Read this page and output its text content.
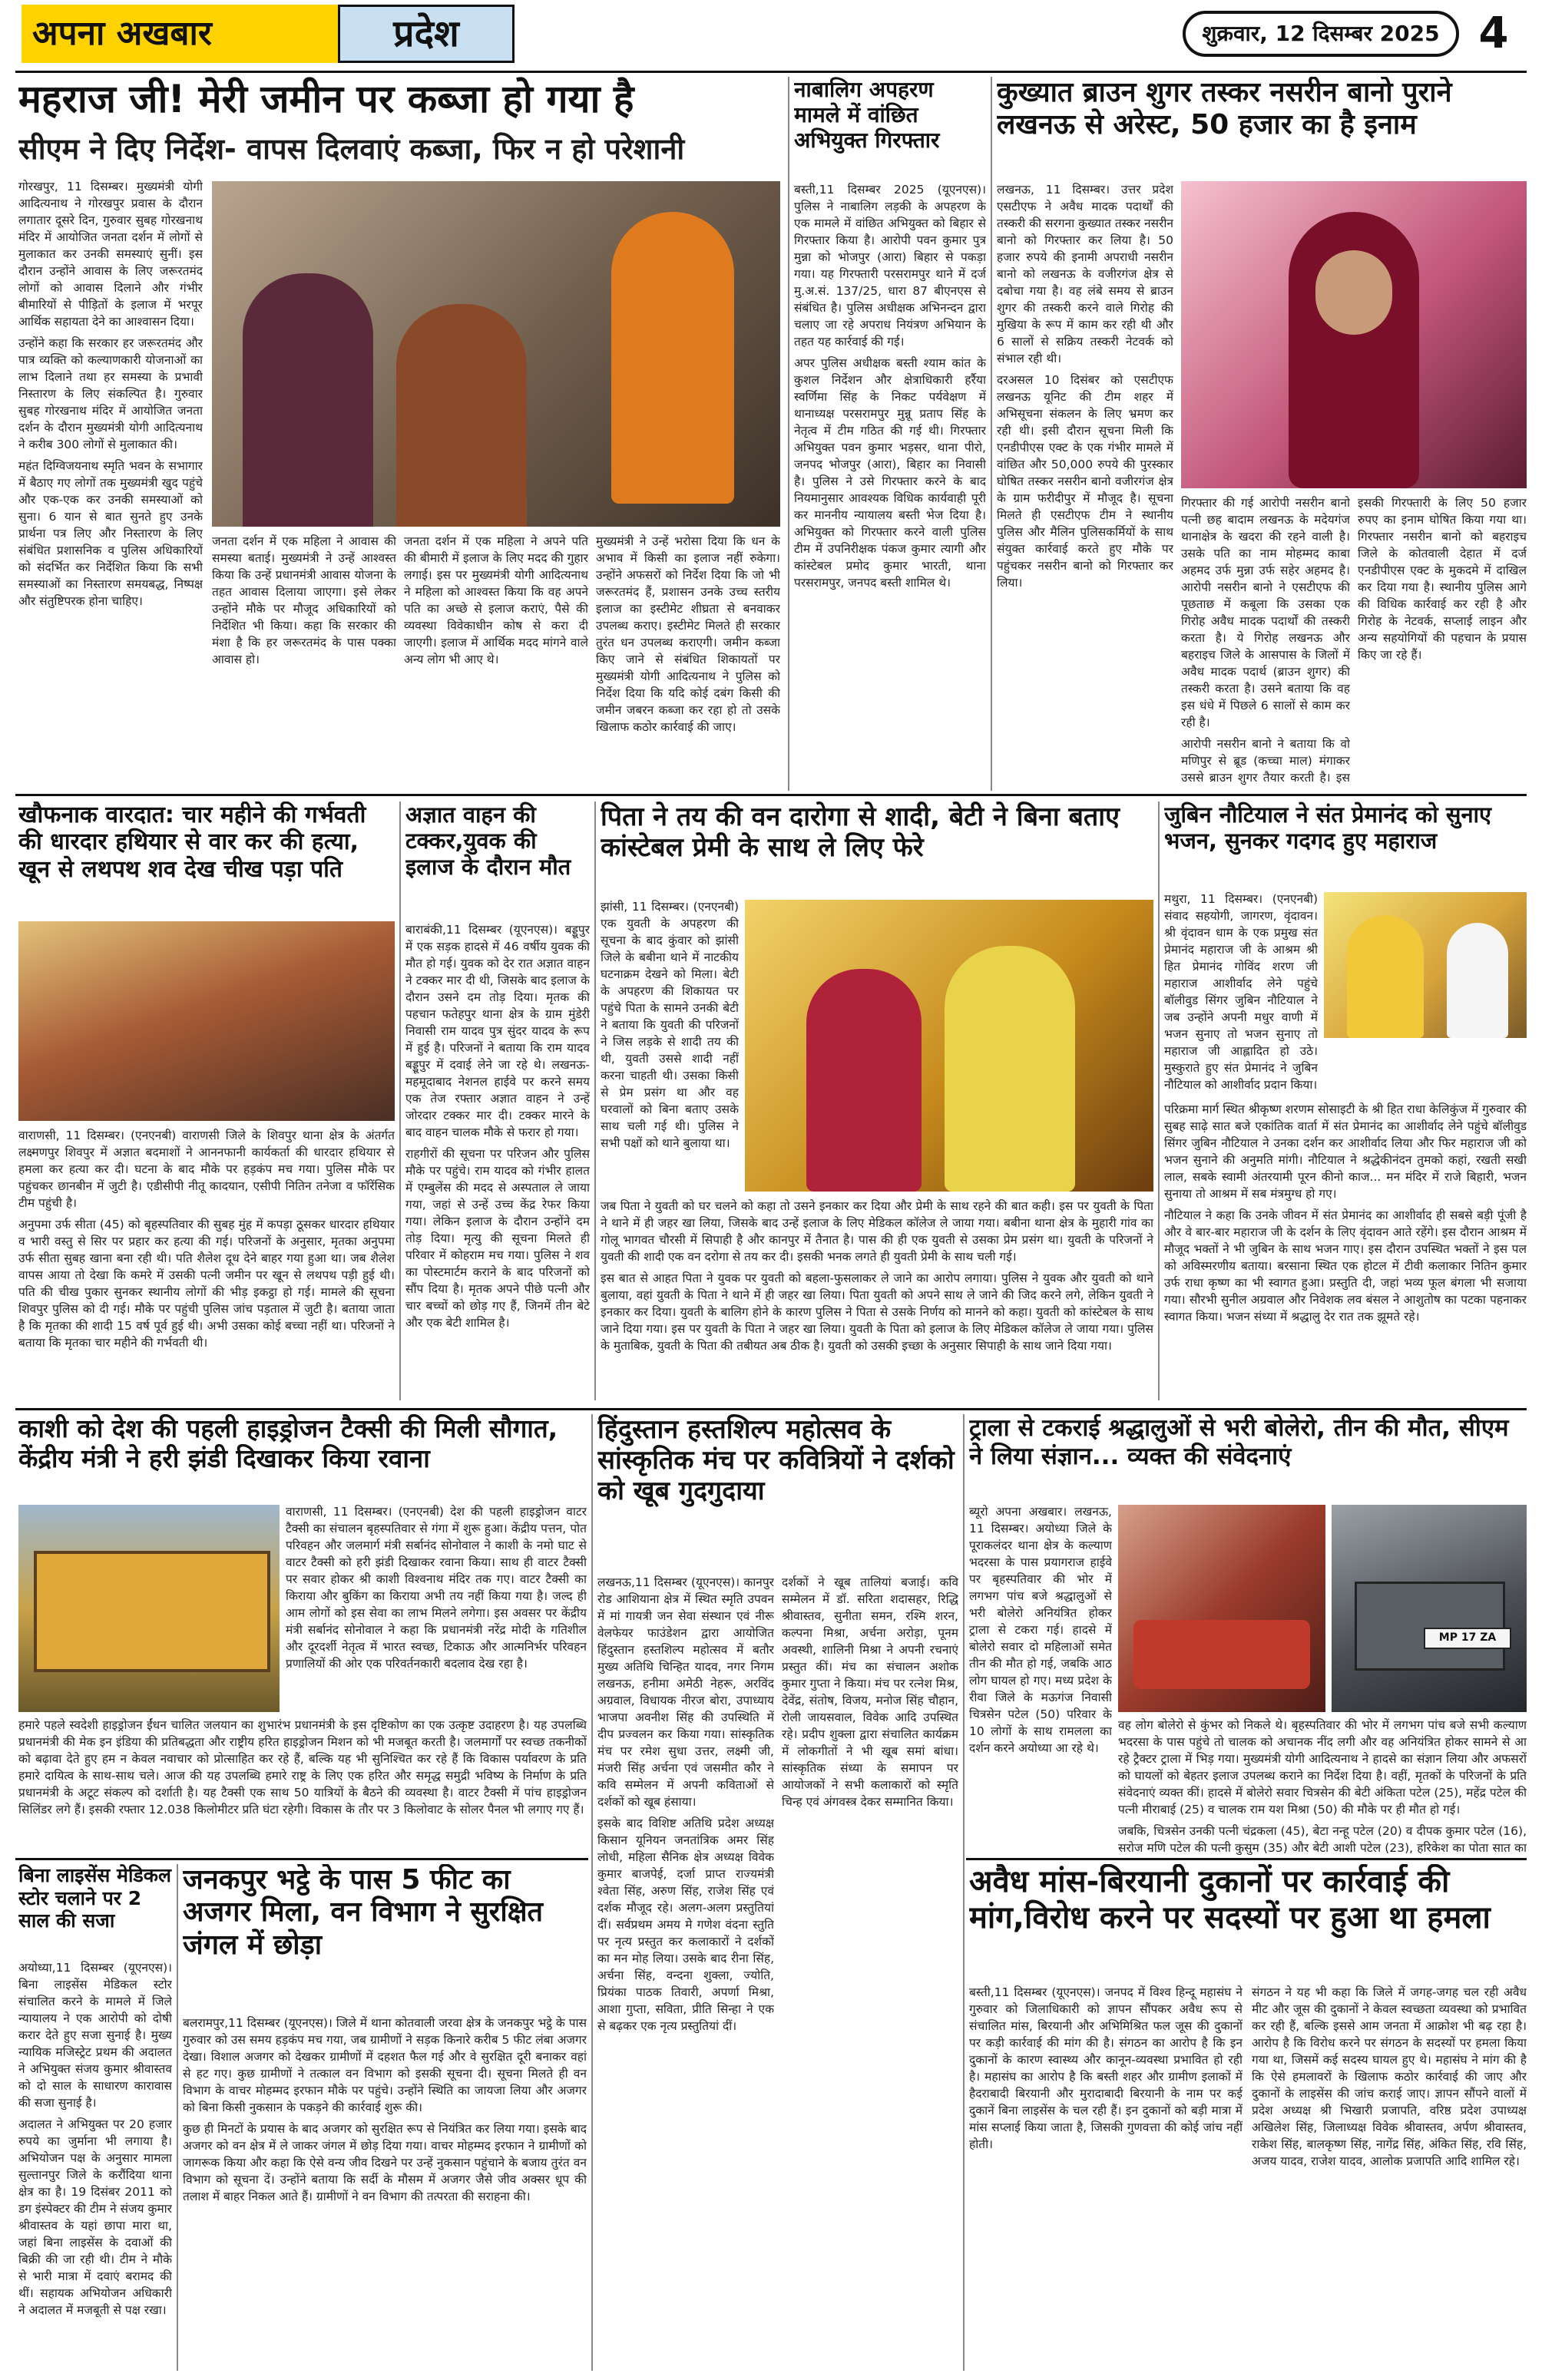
अपना अखबार	प्रदेश	शुक्रवार, 12 दिसम्बर 2025 4
महराज जी! मेरी जमीन पर कब्जा हो गया है
सीएम ने दिए निर्देश- वापस दिलवाएं कब्जा, फिर न हो परेशानी

गोरखपुर, 11 दिसम्बर। मुख्यमंत्री योगी आदित्यनाथ ने गोरखपुर प्रवास के दौरान लगातार दूसरे दिन, गुरुवार सुबह गोरखनाथ मंदिर में आयोजित जनता दर्शन में लोगों से मुलाकात कर उनकी समस्याएं सुनीं। इस दौरान उन्होंने आवास के लिए जरूरतमंद लोगों को आवास दिलाने और गंभीर बीमारियों से पीड़ितों के इलाज में भरपूर आर्थिक सहायता देने का आश्वासन दिया।

उन्होंने कहा कि सरकार हर जरूरतमंद और पात्र व्यक्ति को कल्याणकारी योजनाओं का लाभ दिलाने तथा हर समस्या के प्रभावी निस्तारण के लिए संकल्पित है। गुरुवार सुबह गोरखनाथ मंदिर में आयोजित जनता दर्शन के दौरान मुख्यमंत्री योगी आदित्यनाथ ने करीब 300 लोगों से मुलाकात की।

महंत दिग्विजयनाथ स्मृति भवन के सभागार में बैठाए गए लोगों तक मुख्यमंत्री खुद पहुंचे और एक-एक कर उनकी समस्याओं को सुना। 6 यान से बात सुनते हुए उनके प्रार्थना पत्र लिए और निस्तारण के लिए संबंधित प्रशासनिक व पुलिस अधिकारियों को संदर्भित कर निर्देशित किया कि सभी समस्याओं का निस्तारण समयबद्ध, निष्पक्ष और संतुष्टिपरक होना चाहिए।

जनता दर्शन में एक महिला ने आवास की समस्या बताई। मुख्यमंत्री ने उन्हें आश्वस्त किया कि उन्हें प्रधानमंत्री आवास योजना के तहत आवास दिलाया जाएगा। इसे लेकर उन्होंने मौके पर मौजूद अधिकारियों को निर्देशित भी किया। कहा कि सरकार की मंशा है कि हर जरूरतमंद के पास पक्का आवास हो।

जनता दर्शन में एक महिला ने अपने पति की बीमारी में इलाज के लिए मदद की गुहार लगाई। इस पर मुख्यमंत्री योगी आदित्यनाथ ने महिला को आश्वस्त किया कि वह अपने पति का अच्छे से इलाज कराएं, पैसे की व्यवस्था विवेकाधीन कोष से करा दी जाएगी। इलाज में आर्थिक मदद मांगने वाले अन्य लोग भी आए थे।

मुख्यमंत्री ने उन्हें भरोसा दिया कि धन के अभाव में किसी का इलाज नहीं रुकेगा। उन्होंने अफसरों को निर्देश दिया कि जो भी जरूरतमंद हैं, प्रशासन उनके उच्च स्तरीय इलाज का इस्टीमेट शीघ्रता से बनवाकर उपलब्ध कराए। इस्टीमेट मिलते ही सरकार तुरंत धन उपलब्ध कराएगी। जमीन कब्जा किए जाने से संबंधित शिकायतों पर मुख्यमंत्री योगी आदित्यनाथ ने पुलिस को निर्देश दिया कि यदि कोई दबंग किसी की जमीन जबरन कब्जा कर रहा हो तो उसके खिलाफ कठोर कार्रवाई की जाए।

नाबालिग अपहरण मामले में वांछित अभियुक्त गिरफ्तार

बस्ती,11 दिसम्बर 2025 (यूएनएस)। पुलिस ने नाबालिग लड़की के अपहरण के एक मामले में वांछित अभियुक्त को बिहार से गिरफ्तार किया है। आरोपी पवन कुमार पुत्र मुन्ना को भोजपुर (आरा) बिहार से पकड़ा गया। यह गिरफ्तारी परसरामपुर थाने में दर्ज मु.अ.सं. 137/25, धारा 87 बीएनएस से संबंधित है। पुलिस अधीक्षक अभिनन्दन द्वारा चलाए जा रहे अपराध नियंत्रण अभियान के तहत यह कार्रवाई की गई।

अपर पुलिस अधीक्षक बस्ती श्याम कांत के कुशल निर्देशन और क्षेत्राधिकारी हर्रैया स्वर्णिमा सिंह के निकट पर्यवेक्षण में थानाध्यक्ष परसरामपुर मुन्नू प्रताप सिंह के नेतृत्व में टीम गठित की गई थी। गिरफ्तार अभियुक्त पवन कुमार भड़सर, थाना पीरो, जनपद भोजपुर (आरा), बिहार का निवासी है। पुलिस ने उसे गिरफ्तार करने के बाद नियमानुसार आवश्यक विधिक कार्यवाही पूरी कर माननीय न्यायालय बस्ती भेज दिया है। अभियुक्त को गिरफ्तार करने वाली पुलिस टीम में उपनिरीक्षक पंकज कुमार त्यागी और कांस्टेबल प्रमोद कुमार भारती, थाना परसरामपुर, जनपद बस्ती शामिल थे।

कुख्यात ब्राउन शुगर तस्कर नसरीन बानो पुराने लखनऊ से अरेस्ट, 50 हजार का है इनाम

लखनऊ, 11 दिसम्बर। उत्तर प्रदेश एसटीएफ ने अवैध मादक पदार्थों की तस्करी की सरगना कुख्यात तस्कर नसरीन बानो को गिरफ्तार कर लिया है। 50 हजार रुपये की इनामी अपराधी नसरीन बानो को लखनऊ के वजीरगंज क्षेत्र से दबोचा गया है। वह लंबे समय से ब्राउन शुगर की तस्करी करने वाले गिरोह की मुखिया के रूप में काम कर रही थी और 6 सालों से सक्रिय तस्करी नेटवर्क को संभाल रही थी।

दरअसल 10 दिसंबर को एसटीएफ लखनऊ यूनिट की टीम शहर में अभिसूचना संकलन के लिए भ्रमण कर रही थी। इसी दौरान सूचना मिली कि एनडीपीएस एक्ट के एक गंभीर मामले में वांछित और 50,000 रुपये की पुरस्कार घोषित तस्कर नसरीन बानो वजीरगंज क्षेत्र के ग्राम फरीदीपुर में मौजूद है। सूचना मिलते ही एसटीएफ टीम ने स्थानीय पुलिस और मैलिन पुलिसकर्मियों के साथ संयुक्त कार्रवाई करते हुए मौके पर पहुंचकर नसरीन बानो को गिरफ्तार कर लिया।

गिरफ्तार की गई आरोपी नसरीन बानो पत्नी छह बादाम लखनऊ के मदेयगंज थानाक्षेत्र के खदरा की रहने वाली है। उसके पति का नाम मोहम्मद काबा अहमद उर्फ मुन्ना उर्फ सहेर अहमद है। आरोपी नसरीन बानो ने एसटीएफ की पूछताछ में कबूला कि उसका एक गिरोह अवैध मादक पदार्थों की तस्करी करता है। ये गिरोह लखनऊ और बहराइच जिले के आसपास के जिलों में अवैध मादक पदार्थ (ब्राउन शुगर) की तस्करी करता है। उसने बताया कि वह इस धंधे में पिछले 6 सालों से काम कर रही है।

आरोपी नसरीन बानो ने बताया कि वो मणिपुर से ब्रूड (कच्चा माल) मंगाकर उससे ब्राउन शुगर तैयार करती है। इस

इसकी गिरफ्तारी के लिए 50 हजार रुपए का इनाम घोषित किया गया था। गिरफ्तार नसरीन बानो को बहराइच जिले के कोतवाली देहात में दर्ज एनडीपीएस एक्ट के मुकदमे में दाखिल कर दिया गया है। स्थानीय पुलिस आगे की विधिक कार्रवाई कर रही है और गिरोह के नेटवर्क, सप्लाई लाइन और अन्य सहयोगियों की पहचान के प्रयास किए जा रहे हैं।

खौफनाक वारदात: चार महीने की गर्भवती की धारदार हथियार से वार कर की हत्या, खून से लथपथ शव देख चीख पड़ा पति

वाराणसी, 11 दिसम्बर। (एनएनबी) वाराणसी जिले के शिवपुर थाना क्षेत्र के अंतर्गत लक्ष्मणपुर शिवपुर में अज्ञात बदमाशों ने आननफानी कार्यकर्ता की धारदार हथियार से हमला कर हत्या कर दी। घटना के बाद मौके पर हड़कंप मच गया। पुलिस मौके पर पहुंचकर छानबीन में जुटी है। एडीसीपी नीतू कादयान, एसीपी नितिन तनेजा व फॉरेंसिक टीम पहुंची है।

अनुपमा उर्फ सीता (45) को बृहस्पतिवार की सुबह मुंह में कपड़ा ठूसकर धारदार हथियार व भारी वस्तु से सिर पर प्रहार कर हत्या की गई। परिजनों के अनुसार, मृतका अनुपमा उर्फ सीता सुबह खाना बना रही थी। पति शैलेश दूध देने बाहर गया हुआ था। जब शैलेश वापस आया तो देखा कि कमरे में उसकी पत्नी जमीन पर खून से लथपथ पड़ी हुई थी। पति की चीख पुकार सुनकर स्थानीय लोगों की भीड़ इकट्ठा हो गई। मामले की सूचना शिवपुर पुलिस को दी गई। मौके पर पहुंची पुलिस जांच पड़ताल में जुटी है। बताया जाता है कि मृतका की शादी 15 वर्ष पूर्व हुई थी। अभी उसका कोई बच्चा नहीं था। परिजनों ने बताया कि मृतका चार महीने की गर्भवती थी।

अज्ञात वाहन की टक्कर,युवक की इलाज के दौरान मौत

बाराबंकी,11 दिसम्बर (यूएनएस)। बड्डूपुर में एक सड़क हादसे में 46 वर्षीय युवक की मौत हो गई। युवक को देर रात अज्ञात वाहन ने टक्कर मार दी थी, जिसके बाद इलाज के दौरान उसने दम तोड़ दिया। मृतक की पहचान फतेहपुर थाना क्षेत्र के ग्राम मुंडेरी निवासी राम यादव पुत्र सुंदर यादव के रूप में हुई है। परिजनों ने बताया कि राम यादव बड्डूपुर में दवाई लेने जा रहे थे। लखनऊ-महमूदाबाद नेशनल हाईवे पर करने समय एक तेज रफ्तार अज्ञात वाहन ने उन्हें जोरदार टक्कर मार दी। टक्कर मारने के बाद वाहन चालक मौके से फरार हो गया।

राहगीरों की सूचना पर परिजन और पुलिस मौके पर पहुंचे। राम यादव को गंभीर हालत में एम्बुलेंस की मदद से अस्पताल ले जाया गया, जहां से उन्हें उच्च केंद्र रेफर किया गया। लेकिन इलाज के दौरान उन्होंने दम तोड़ दिया। मृत्यु की सूचना मिलते ही परिवार में कोहराम मच गया। पुलिस ने शव का पोस्टमार्टम कराने के बाद परिजनों को सौंप दिया है। मृतक अपने पीछे पत्नी और चार बच्चों को छोड़ गए हैं, जिनमें तीन बेटे और एक बेटी शामिल है।

पिता ने तय की वन दारोगा से शादी, बेटी ने बिना बताए कांस्टेबल प्रेमी के साथ ले लिए फेरे

झांसी, 11 दिसम्बर। (एनएनबी) एक युवती के अपहरण की सूचना के बाद कुंवार को झांसी जिले के बबीना थाने में नाटकीय घटनाक्रम देखने को मिला। बेटी के अपहरण की शिकायत पर पहुंचे पिता के सामने उनकी बेटी ने बताया कि युवती की परिजनों ने जिस लड़के से शादी तय की थी, युवती उससे शादी नहीं करना चाहती थी। उसका किसी से प्रेम प्रसंग था और वह घरवालों को बिना बताए उसके साथ चली गई थी। पुलिस ने सभी पक्षों को थाने बुलाया था।

जब पिता ने युवती को घर चलने को कहा तो उसने इनकार कर दिया और प्रेमी के साथ रहने की बात कही। इस पर युवती के पिता ने थाने में ही जहर खा लिया, जिसके बाद उन्हें इलाज के लिए मेडिकल कॉलेज ले जाया गया। बबीना थाना क्षेत्र के मुहारी गांव का गोलू भागवत चौरसी में सिपाही है और कानपुर में तैनात है। पास की ही एक युवती से उसका प्रेम प्रसंग था। युवती के परिजनों ने युवती की शादी एक वन दरोगा से तय कर दी। इसकी भनक लगते ही युवती प्रेमी के साथ चली गई।

इस बात से आहत पिता ने युवक पर युवती को बहला-फुसलाकर ले जाने का आरोप लगाया। पुलिस ने युवक और युवती को थाने बुलाया, वहां युवती के पिता ने थाने में ही जहर खा लिया। पिता युवती को अपने साथ ले जाने की जिद करने लगे, लेकिन युवती ने इनकार कर दिया। युवती के बालिग होने के कारण पुलिस ने पिता से उसके निर्णय को मानने को कहा। युवती को कांस्टेबल के साथ जाने दिया गया। इस पर युवती के पिता ने जहर खा लिया। युवती के पिता को इलाज के लिए मेडिकल कॉलेज ले जाया गया। पुलिस के मुताबिक, युवती के पिता की तबीयत अब ठीक है। युवती को उसकी इच्छा के अनुसार सिपाही के साथ जाने दिया गया।

जुबिन नौटियाल ने संत प्रेमानंद को सुनाए भजन, सुनकर गदगद हुए महाराज

मथुरा, 11 दिसम्बर। (एनएनबी) संवाद सहयोगी, जागरण, वृंदावन। श्री वृंदावन धाम के एक प्रमुख संत प्रेमानंद महाराज जी के आश्रम श्री हित प्रेमानंद गोविंद शरण जी महाराज आशीर्वाद लेने पहुंचे बॉलीवुड सिंगर जुबिन नौटियाल ने जब उन्होंने अपनी मधुर वाणी में भजन सुनाए तो भजन सुनाए तो महाराज जी आह्लादित हो उठे। मुस्कुराते हुए संत प्रेमानंद ने जुबिन नौटियाल को आशीर्वाद प्रदान किया।

परिक्रमा मार्ग स्थित श्रीकृष्ण शरणम सोसाइटी के श्री हित राधा केलिकुंज में गुरुवार की सुबह साढ़े सात बजे एकांतिक वार्ता में संत प्रेमानंद का आशीर्वाद लेने पहुंचे बॉलीवुड सिंगर जुबिन नौटियाल ने उनका दर्शन कर आशीर्वाद लिया और फिर महाराज जी को भजन सुनाने की अनुमति मांगी। नौटियाल ने श्रद्धेकीनंदन तुमको कहां, रखती सखी लाल, सबके स्वामी अंतरयामी पूरन कीनो काज... मन मंदिर में राजे बिहारी, भजन सुनाया तो आश्रम में सब मंत्रमुग्ध हो गए।

नौटियाल ने कहा कि उनके जीवन में संत प्रेमानंद का आशीर्वाद ही सबसे बड़ी पूंजी है और वे बार-बार महाराज जी के दर्शन के लिए वृंदावन आते रहेंगे। इस दौरान आश्रम में मौजूद भक्तों ने भी जुबिन के साथ भजन गाए। इस दौरान उपस्थित भक्तों ने इस पल को अविस्मरणीय बताया। बरसाना स्थित एक होटल में टीवी कलाकार नितिन कुमार उर्फ राधा कृष्ण का भी स्वागत हुआ। प्रस्तुति दी, जहां भव्य फूल बंगला भी सजाया गया। सौरभी सुनील अग्रवाल और निवेशक लव बंसल ने आशुतोष का पटका पहनाकर स्वागत किया। भजन संध्या में श्रद्धालु देर रात तक झूमते रहे।

काशी को देश की पहली हाइड्रोजन टैक्सी की मिली सौगात, केंद्रीय मंत्री ने हरी झंडी दिखाकर किया रवाना

वाराणसी, 11 दिसम्बर। (एनएनबी) देश की पहली हाइड्रोजन वाटर टैक्सी का संचालन बृहस्पतिवार से गंगा में शुरू हुआ। केंद्रीय पत्तन, पोत परिवहन और जलमार्ग मंत्री सर्बानंद सोनोवाल ने काशी के नमो घाट से वाटर टैक्सी को हरी झंडी दिखाकर रवाना किया। साथ ही वाटर टैक्सी पर सवार होकर श्री काशी विश्वनाथ मंदिर तक गए। वाटर टैक्सी का किराया और बुकिंग का किराया अभी तय नहीं किया गया है। जल्द ही आम लोगों को इस सेवा का लाभ मिलने लगेगा। इस अवसर पर केंद्रीय मंत्री सर्बानंद सोनोवाल ने कहा कि प्रधानमंत्री नरेंद्र मोदी के गतिशील और दूरदर्शी नेतृत्व में भारत स्वच्छ, टिकाऊ और आत्मनिर्भर परिवहन प्रणालियों की ओर एक परिवर्तनकारी बदलाव देख रहा है।

हमारे पहले स्वदेशी हाइड्रोजन ईंधन चालित जलयान का शुभारंभ प्रधानमंत्री के इस दृष्टिकोण का एक उत्कृष्ट उदाहरण है। यह उपलब्धि प्रधानमंत्री की मेक इन इंडिया की प्रतिबद्धता और राष्ट्रीय हरित हाइड्रोजन मिशन को भी मजबूत करती है। जलमार्गों पर स्वच्छ तकनीकों को बढ़ावा देते हुए हम न केवल नवाचार को प्रोत्साहित कर रहे हैं, बल्कि यह भी सुनिश्चित कर रहे हैं कि विकास पर्यावरण के प्रति हमारे दायित्व के साथ-साथ चले। आज की यह उपलब्धि हमारे राष्ट्र के लिए एक हरित और समृद्ध समुद्री भविष्य के निर्माण के प्रति प्रधानमंत्री के अटूट संकल्प को दर्शाती है। यह टैक्सी एक साथ 50 यात्रियों के बैठने की व्यवस्था है। वाटर टैक्सी में पांच हाइड्रोजन सिलिंडर लगे हैं। इसकी रफ्तार 12.038 किलोमीटर प्रति घंटा रहेगी। विकास के तौर पर 3 किलोवाट के सोलर पैनल भी लगाए गए हैं।

बिना लाइसेंस मेडिकल स्टोर चलाने पर 2 साल की सजा

अयोध्या,11 दिसम्बर (यूएनएस)। बिना लाइसेंस मेडिकल स्टोर संचालित करने के मामले में जिले न्यायालय ने एक आरोपी को दोषी करार देते हुए सजा सुनाई है। मुख्य न्यायिक मजिस्ट्रेट प्रथम की अदालत ने अभियुक्त संजय कुमार श्रीवास्तव को दो साल के साधारण कारावास की सजा सुनाई है।

अदालत ने अभियुक्त पर 20 हजार रुपये का जुर्माना भी लगाया है। अभियोजन पक्ष के अनुसार मामला सुल्तानपुर जिले के करौंदिया थाना क्षेत्र का है। 19 दिसंबर 2011 को डग इंस्पेक्टर की टीम ने संजय कुमार श्रीवास्तव के यहां छापा मारा था, जहां बिना लाइसेंस के दवाओं की बिक्री की जा रही थी। टीम ने मौके से भारी मात्रा में दवाएं बरामद की थीं। सहायक अभियोजन अधिकारी ने अदालत में मजबूती से पक्ष रखा।

जनकपुर भट्ठे के पास 5 फीट का अजगर मिला, वन विभाग ने सुरक्षित जंगल में छोड़ा

बलरामपुर,11 दिसम्बर (यूएनएस)। जिले में थाना कोतवाली जरवा क्षेत्र के जनकपुर भट्ठे के पास गुरुवार को उस समय हड़कंप मच गया, जब ग्रामीणों ने सड़क किनारे करीब 5 फीट लंबा अजगर देखा। विशाल अजगर को देखकर ग्रामीणों में दहशत फैल गई और वे सुरक्षित दूरी बनाकर वहां से हट गए। कुछ ग्रामीणों ने तत्काल वन विभाग को इसकी सूचना दी। सूचना मिलते ही वन विभाग के वाचर मोहम्मद इरफान मौके पर पहुंचे। उन्होंने स्थिति का जायजा लिया और अजगर को बिना किसी नुकसान के पकड़ने की कार्रवाई शुरू की।

कुछ ही मिनटों के प्रयास के बाद अजगर को सुरक्षित रूप से नियंत्रित कर लिया गया। इसके बाद अजगर को वन क्षेत्र में ले जाकर जंगल में छोड़ दिया गया। वाचर मोहम्मद इरफान ने ग्रामीणों को जागरूक किया और कहा कि ऐसे वन्य जीव दिखने पर उन्हें नुकसान पहुंचाने के बजाय तुरंत वन विभाग को सूचना दें। उन्होंने बताया कि सर्दी के मौसम में अजगर जैसे जीव अक्सर धूप की तलाश में बाहर निकल आते हैं। ग्रामीणों ने वन विभाग की तत्परता की सराहना की।

हिंदुस्तान हस्तशिल्प महोत्सव के सांस्कृतिक मंच पर कवित्रियों ने दर्शको को खूब गुदगुदाया

लखनऊ,11 दिसम्बर (यूएनएस)। कानपुर रोड आशियाना क्षेत्र में स्थित स्मृति उपवन में मां गायत्री जन सेवा संस्थान एवं नीरू वेलफेयर फाउंडेशन द्वारा आयोजित हिंदुस्तान हस्तशिल्प महोत्सव में बतौर मुख्य अतिथि चिन्हित यादव, नगर निगम लखनऊ, हनीमा अमेठी नेहरू, अरविंद अग्रवाल, विधायक नीरज बोरा, उपाध्याय भाजपा अवनीश सिंह की उपस्थिति में दीप प्रज्वलन कर किया गया। सांस्कृतिक मंच पर रमेश सुधा उत्तर, लक्ष्मी जी, मंजरी सिंह अर्चना एवं जसमीत कौर ने कवि सम्मेलन में अपनी कविताओं से दर्शकों को खूब हंसाया।

इसके बाद विशिष्ट अतिथि प्रदेश अध्यक्ष किसान यूनियन जनतांत्रिक अमर सिंह लोधी, महिला सैनिक क्षेत्र अध्यक्ष विवेक कुमार बाजपेई, दर्जा प्राप्त राज्यमंत्री श्वेता सिंह, अरुण सिंह, राजेश सिंह एवं दर्शक मौजूद रहे। अलग-अलग प्रस्तुतियां दीं। सर्वप्रथम अमय मेे गणेश वंदना स्तुति पर नृत्य प्रस्तुत कर कलाकारों ने दर्शकों का मन मोह लिया। उसके बाद रीना सिंह, अर्चना सिंह, वन्दना शुक्ला, ज्योति, प्रियंका पाठक तिवारी, अपर्णा मिश्रा, आशा गुप्ता, सविता, प्रीति सिन्हा ने एक से बढ़कर एक नृत्य प्रस्तुतियां दीं।

दर्शकों ने खूब तालियां बजाई। कवि सम्मेलन में डॉ. सरिता शदासहर, रिद्धि श्रीवास्तव, सुनीता समन, रश्मि शरन, कल्पना मिश्रा, अर्चना अरोड़ा, पूनम अवस्थी, शालिनी मिश्रा ने अपनी रचनाएं प्रस्तुत कीं। मंच का संचालन अशोक कुमार गुप्ता ने किया। मंच पर रत्नेश मिश्र, देवेंद्र, संतोष, विजय, मनोज सिंह चौहान, रोली जायसवाल, विवेक आदि उपस्थित रहे। प्रदीप शुक्ला द्वारा संचालित कार्यक्रम में लोकगीतों ने भी खूब समां बांधा। सांस्कृतिक संध्या के समापन पर आयोजकों ने सभी कलाकारों को स्मृति चिन्ह एवं अंगवस्त्र देकर सम्मानित किया।

ट्राला से टकराई श्रद्धालुओं से भरी बोलेरो, तीन की मौत, सीएम ने लिया संज्ञान... व्यक्त की संवेदनाएं

ब्यूरो अपना अखबार। लखनऊ, 11 दिसम्बर। अयोध्या जिले के पूराकलंदर थाना क्षेत्र के कल्याण भदरसा के पास प्रयागराज हाईवे पर बृहस्पतिवार की भोर में लगभग पांच बजे श्रद्धालुओं से भरी बोलेरो अनियंत्रित होकर ट्राला से टकरा गई। हादसे में बोलेरो सवार दो महिलाओं समेत तीन की मौत हो गई, जबकि आठ लोग घायल हो गए। मध्य प्रदेश के रीवा जिले के मऊगंज निवासी चित्रसेन पटेल (50) परिवार के 10 लोगों के साथ रामलला का दर्शन करने अयोध्या आ रहे थे।

MP 17 ZA

वह लोग बोलेरो से कुंभर को निकले थे। बृहस्पतिवार की भोर में लगभग पांच बजे सभी कल्याण भदरसा के पास पहुंचे तो चालक को अचानक नींद लगी और वह अनियंत्रित होकर सामने से आ रहे ट्रैक्टर ट्राला में भिड़ गया। मुख्यमंत्री योगी आदित्यनाथ ने हादसे का संज्ञान लिया और अफसरों को घायलों को बेहतर इलाज उपलब्ध कराने का निर्देश दिया है। वहीं, मृतकों के परिजनों के प्रति संवेदनाएं व्यक्त कीं। हादसे में बोलेरो सवार चित्रसेन की बेटी अंकिता पटेल (25), महेंद्र पटेल की पत्नी मीराबाई (25) व चालक राम यश मिश्रा (50) की मौके पर ही मौत हो गई।

जबकि, चित्रसेन उनकी पत्नी चंद्रकला (45), बेटा नन्हू पटेल (20) व दीपक कुमार पटेल (16), सरोज मणि पटेल की पत्नी कुसुम (35) और बेटी आशी पटेल (23), हरिकेश का पोता सात का

अवैध मांस-बिरयानी दुकानों पर कार्रवाई की मांग,विरोध करने पर सदस्यों पर हुआ था हमला

बस्ती,11 दिसम्बर (यूएनएस)। जनपद में विश्व हिन्दू महासंघ ने गुरुवार को जिलाधिकारी को ज्ञापन सौंपकर अवैध रूप से संचालित मांस, बिरयानी और अभिमिश्रित फल जूस की दुकानों पर कड़ी कार्रवाई की मांग की है। संगठन का आरोप है कि इन दुकानों के कारण स्वास्थ्य और कानून-व्यवस्था प्रभावित हो रही है। महासंघ का आरोप है कि बस्ती शहर और ग्रामीण इलाकों में हैदराबादी बिरयानी और मुरादाबादी बिरयानी के नाम पर कई दुकानें बिना लाइसेंस के चल रही हैं। इन दुकानों को बड़ी मात्रा में मांस सप्लाई किया जाता है, जिसकी गुणवत्ता की कोई जांच नहीं होती।

संगठन ने यह भी कहा कि जिले में जगह-जगह चल रही अवैध मीट और जूस की दुकानों ने केवल स्वच्छता व्यवस्था को प्रभावित कर रही हैं, बल्कि इससे आम जनता में आक्रोश भी बढ़ रहा है। आरोप है कि विरोध करने पर संगठन के सदस्यों पर हमला किया गया था, जिसमें कई सदस्य घायल हुए थे। महासंघ ने मांग की है कि ऐसे हमलावरों के खिलाफ कठोर कार्रवाई की जाए और दुकानों के लाइसेंस की जांच कराई जाए। ज्ञापन सौंपने वालों में प्रदेश अध्यक्ष श्री भिखारी प्रजापति, वरिष्ठ प्रदेश उपाध्यक्ष अखिलेश सिंह, जिलाध्यक्ष विवेक श्रीवास्तव, अर्पण श्रीवास्तव, राकेश सिंह, बालकृष्ण सिंह, नागेंद्र सिंह, अंकित सिंह, रवि सिंह, अजय यादव, राजेश यादव, आलोक प्रजापति आदि शामिल रहे।
